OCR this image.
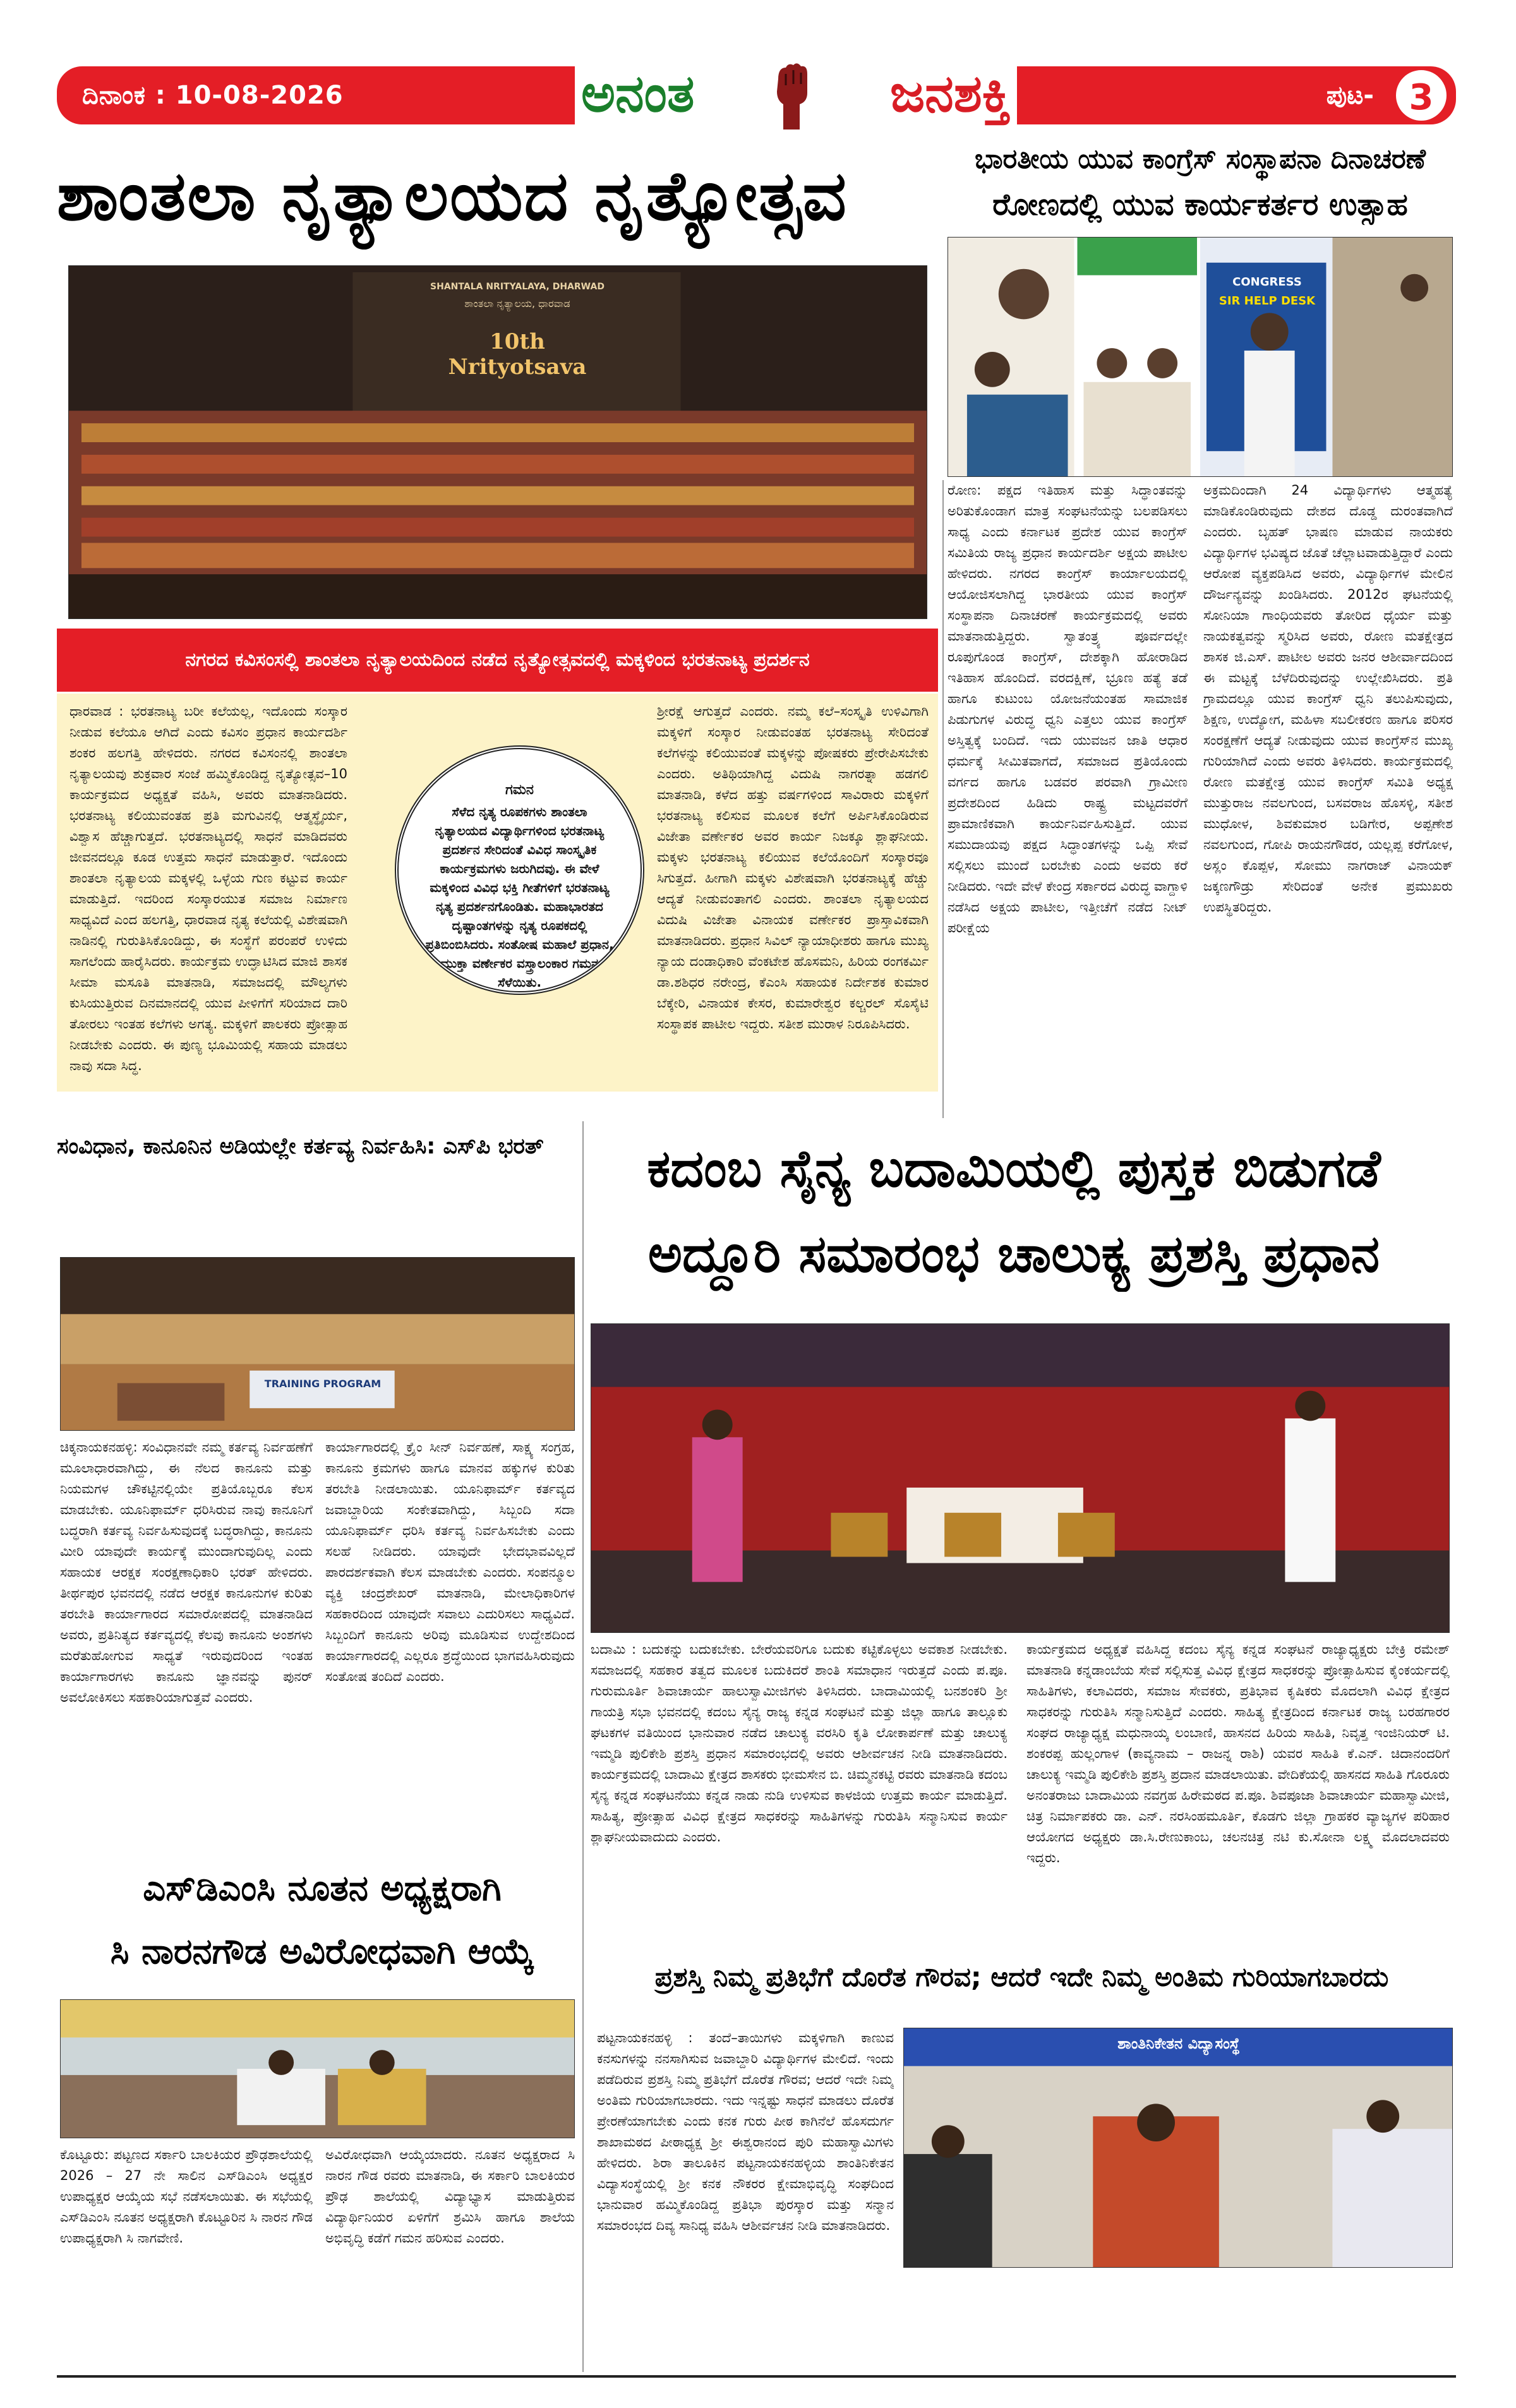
ದಿನಾಂಕ : 10-08-2026	ಪುಟ- 3
ಅನಂತ	ಜನಶಕ್ತಿ
ಶಾಂತಲಾ ನೃತ್ಯಾಲಯದ ನೃತ್ಯೋತ್ಸವ
SHANTALA NRITYALAYA, DHARWAD
ಶಾಂತಲಾ ನೃತ್ಯಾಲಯ, ಧಾರವಾಡ
10th Nrityotsava
ನಗರದ ಕವಿಸಂಸಲ್ಲಿ ಶಾಂತಲಾ ನೃತ್ಯಾಲಯದಿಂದ ನಡೆದ ನೃತ್ಯೋತ್ಸವದಲ್ಲಿ ಮಕ್ಕಳಿಂದ ಭರತನಾಟ್ಯ ಪ್ರದರ್ಶನ
ಧಾರವಾಡ : ಭರತನಾಟ್ಯ ಬರೀ ಕಲೆಯಲ್ಲ, ಇದೊಂದು ಸಂಸ್ಕಾರ ನೀಡುವ ಕಲೆಯೂ ಆಗಿದೆ ಎಂದು ಕವಿಸಂ ಪ್ರಧಾನ ಕಾರ್ಯದರ್ಶಿ ಶಂಕರ ಹಲಗತ್ತಿ ಹೇಳಿದರು. ನಗರದ ಕವಿಸಂನಲ್ಲಿ ಶಾಂತಲಾ ನೃತ್ಯಾಲಯವು ಶುಕ್ರವಾರ ಸಂಜೆ ಹಮ್ಮಿಕೊಂಡಿದ್ದ ನೃತ್ಯೋತ್ಸವ–10 ಕಾರ್ಯಕ್ರಮದ ಅಧ್ಯಕ್ಷತೆ ವಹಿಸಿ, ಅವರು ಮಾತನಾಡಿದರು. ಭರತನಾಟ್ಯ ಕಲಿಯುವಂತಹ ಪ್ರತಿ ಮಗುವಿನಲ್ಲಿ ಆತ್ಮಸ್ಥೈರ್ಯ, ವಿಶ್ವಾಸ ಹೆಚ್ಚಾಗುತ್ತದೆ. ಭರತನಾಟ್ಯದಲ್ಲಿ ಸಾಧನೆ ಮಾಡಿದವರು ಜೀವನದಲ್ಲೂ ಕೂಡ ಉತ್ತಮ ಸಾಧನೆ ಮಾಡುತ್ತಾರೆ. ಇದೊಂದು ಶಾಂತಲಾ ನೃತ್ಯಾಲಯ ಮಕ್ಕಳಲ್ಲಿ ಒಳ್ಳೆಯ ಗುಣ ಕಟ್ಟುವ ಕಾರ್ಯ ಮಾಡುತ್ತಿದೆ. ಇದರಿಂದ ಸಂಸ್ಕಾರಯುತ ಸಮಾಜ ನಿರ್ಮಾಣ ಸಾಧ್ಯವಿದೆ ಎಂದ ಹಲಗತ್ತಿ, ಧಾರವಾಡ ನೃತ್ಯ ಕಲೆಯಲ್ಲಿ ವಿಶೇಷವಾಗಿ ನಾಡಿನಲ್ಲಿ ಗುರುತಿಸಿಕೊಂಡಿದ್ದು, ಈ ಸಂಸ್ಥೆಗೆ ಪರಂಪರೆ ಉಳಿದು ಸಾಗಲೆಂದು ಹಾರೈಸಿದರು. ಕಾರ್ಯಕ್ರಮ ಉದ್ಘಾಟಿಸಿದ ಮಾಜಿ ಶಾಸಕ ಸೀಮಾ ಮಸೂತಿ ಮಾತನಾಡಿ, ಸಮಾಜದಲ್ಲಿ ಮೌಲ್ಯಗಳು ಕುಸಿಯುತ್ತಿರುವ ದಿನಮಾನದಲ್ಲಿ ಯುವ ಪೀಳಿಗೆಗೆ ಸರಿಯಾದ ದಾರಿ ತೋರಲು ಇಂತಹ ಕಲೆಗಳು ಅಗತ್ಯ. ಮಕ್ಕಳಿಗೆ ಪಾಲಕರು ಪ್ರೋತ್ಸಾಹ ನೀಡಬೇಕು ಎಂದರು. ಈ ಪುಣ್ಯ ಭೂಮಿಯಲ್ಲಿ ಸಹಾಯ ಮಾಡಲು ನಾವು ಸದಾ ಸಿದ್ಧ.
ಶ್ರೀರಕ್ಷೆ ಆಗುತ್ತದೆ ಎಂದರು. ನಮ್ಮ ಕಲೆ–ಸಂಸ್ಕೃತಿ ಉಳಿವಿಗಾಗಿ ಮಕ್ಕಳಿಗೆ ಸಂಸ್ಕಾರ ನೀಡುವಂತಹ ಭರತನಾಟ್ಯ ಸೇರಿದಂತೆ ಕಲೆಗಳನ್ನು ಕಲಿಯುವಂತೆ ಮಕ್ಕಳನ್ನು ಪೋಷಕರು ಪ್ರೇರೇಪಿಸಬೇಕು ಎಂದರು. ಅತಿಥಿಯಾಗಿದ್ದ ವಿದುಷಿ ನಾಗರತ್ನಾ ಹಡಗಲಿ ಮಾತನಾಡಿ, ಕಳೆದ ಹತ್ತು ವರ್ಷಗಳಿಂದ ಸಾವಿರಾರು ಮಕ್ಕಳಿಗೆ ಭರತನಾಟ್ಯ ಕಲಿಸುವ ಮೂಲಕ ಕಲೆಗೆ ಅರ್ಪಿಸಿಕೊಂಡಿರುವ ವಿಜೇತಾ ವರ್ಣೇಕರ ಅವರ ಕಾರ್ಯ ನಿಜಕ್ಕೂ ಶ್ಲಾಘನೀಯ. ಮಕ್ಕಳು ಭರತನಾಟ್ಯ ಕಲಿಯುವ ಕಲೆಯೊಂದಿಗೆ ಸಂಸ್ಕಾರವೂ ಸಿಗುತ್ತದೆ. ಹೀಗಾಗಿ ಮಕ್ಕಳು ವಿಶೇಷವಾಗಿ ಭರತನಾಟ್ಯಕ್ಕೆ ಹೆಚ್ಚು ಆದ್ಯತೆ ನೀಡುವಂತಾಗಲಿ ಎಂದರು. ಶಾಂತಲಾ ನೃತ್ಯಾಲಯದ ವಿದುಷಿ ವಿಜೇತಾ ವಿನಾಯಕ ವರ್ಣೇಕರ ಪ್ರಾಸ್ತಾವಿಕವಾಗಿ ಮಾತನಾಡಿದರು. ಪ್ರಧಾನ ಸಿವಿಲ್ ನ್ಯಾಯಾಧೀಶರು ಹಾಗೂ ಮುಖ್ಯ ನ್ಯಾಯ ದಂಡಾಧಿಕಾರಿ ವೆಂಕಟೇಶ ಹೊಸಮನಿ, ಹಿರಿಯ ರಂಗಕರ್ಮಿ ಡಾ.ಶಶಿಧರ ನರೇಂದ್ರ, ಕೆಎಂಸಿ ಸಹಾಯಕ ನಿರ್ದೇಶಕ ಕುಮಾರ ಬೆಕ್ಕೇರಿ, ವಿನಾಯಕ ಕೇಸರ, ಕುಮಾರೇಶ್ವರ ಕಲ್ಚರಲ್ ಸೊಸೈಟಿ ಸಂಸ್ಥಾಪಕ ಪಾಟೀಲ ಇದ್ದರು. ಸತೀಶ ಮುರಾಳ ನಿರೂಪಿಸಿದರು.
ಗಮನ
ಸೆಳೆದ ನೃತ್ಯ ರೂಪಕಗಳು ಶಾಂತಲಾ ನೃತ್ಯಾಲಯದ ವಿದ್ಯಾರ್ಥಿಗಳಿಂದ ಭರತನಾಟ್ಯ ಪ್ರದರ್ಶನ ಸೇರಿದಂತೆ ವಿವಿಧ ಸಾಂಸ್ಕೃತಿಕ ಕಾರ್ಯಕ್ರಮಗಳು ಜರುಗಿದವು. ಈ ವೇಳೆ ಮಕ್ಕಳಿಂದ ವಿವಿಧ ಭಕ್ತಿ ಗೀತೆಗಳಿಗೆ ಭರತನಾಟ್ಯ ನೃತ್ಯ ಪ್ರದರ್ಶನಗೊಂಡಿತು. ಮಹಾಭಾರತದ ದೃಷ್ಟಾಂತಗಳನ್ನು ನೃತ್ಯ ರೂಪಕದಲ್ಲಿ ಪ್ರತಿಬಿಂಬಿಸಿದರು. ಸಂತೋಷ ಮಹಾಲೆ ಪ್ರಧಾನ, ಮುಕ್ತಾ ವರ್ಣೇಕರ ವಸ್ತ್ರಾಲಂಕಾರ ಗಮನ ಸೆಳೆಯಿತು.
ಭಾರತೀಯ ಯುವ ಕಾಂಗ್ರೆಸ್ ಸಂಸ್ಥಾಪನಾ ದಿನಾಚರಣೆ
ರೋಣದಲ್ಲಿ ಯುವ ಕಾರ್ಯಕರ್ತರ ಉತ್ಸಾಹ
CONGRESS
SIR HELP DESK
ರೋಣ: ಪಕ್ಷದ ಇತಿಹಾಸ ಮತ್ತು ಸಿದ್ಧಾಂತವನ್ನು ಅರಿತುಕೊಂಡಾಗ ಮಾತ್ರ ಸಂಘಟನೆಯನ್ನು ಬಲಪಡಿಸಲು ಸಾಧ್ಯ ಎಂದು ಕರ್ನಾಟಕ ಪ್ರದೇಶ ಯುವ ಕಾಂಗ್ರೆಸ್ ಸಮಿತಿಯ ರಾಜ್ಯ ಪ್ರಧಾನ ಕಾರ್ಯದರ್ಶಿ ಅಕ್ಷಯ ಪಾಟೀಲ ಹೇಳಿದರು. ನಗರದ ಕಾಂಗ್ರೆಸ್ ಕಾರ್ಯಾಲಯದಲ್ಲಿ ಆಯೋಜಿಸಲಾಗಿದ್ದ ಭಾರತೀಯ ಯುವ ಕಾಂಗ್ರೆಸ್ ಸಂಸ್ಥಾಪನಾ ದಿನಾಚರಣೆ ಕಾರ್ಯಕ್ರಮದಲ್ಲಿ ಅವರು ಮಾತನಾಡುತ್ತಿದ್ದರು. ಸ್ವಾತಂತ್ರ್ಯ ಪೂರ್ವದಲ್ಲೇ ರೂಪುಗೊಂಡ ಕಾಂಗ್ರೆಸ್, ದೇಶಕ್ಕಾಗಿ ಹೋರಾಡಿದ ಇತಿಹಾಸ ಹೊಂದಿದೆ. ವರದಕ್ಷಿಣೆ, ಭ್ರೂಣ ಹತ್ಯೆ ತಡೆ ಹಾಗೂ ಕುಟುಂಬ ಯೋಜನೆಯಂತಹ ಸಾಮಾಜಿಕ ಪಿಡುಗುಗಳ ವಿರುದ್ಧ ಧ್ವನಿ ಎತ್ತಲು ಯುವ ಕಾಂಗ್ರೆಸ್ ಅಸ್ತಿತ್ವಕ್ಕೆ ಬಂದಿದೆ. ಇದು ಯುವಜನ ಜಾತಿ ಆಧಾರ ಧರ್ಮಕ್ಕೆ ಸೀಮಿತವಾಗದೆ, ಸಮಾಜದ ಪ್ರತಿಯೊಂದು ವರ್ಗದ ಹಾಗೂ ಬಡವರ ಪರವಾಗಿ ಗ್ರಾಮೀಣ ಪ್ರದೇಶದಿಂದ ಹಿಡಿದು ರಾಷ್ಟ್ರ ಮಟ್ಟದವರೆಗೆ ಪ್ರಾಮಾಣಿಕವಾಗಿ ಕಾರ್ಯನಿರ್ವಹಿಸುತ್ತಿದೆ. ಯುವ ಸಮುದಾಯವು ಪಕ್ಷದ ಸಿದ್ಧಾಂತಗಳನ್ನು ಒಪ್ಪಿ ಸೇವೆ ಸಲ್ಲಿಸಲು ಮುಂದೆ ಬರಬೇಕು ಎಂದು ಅವರು ಕರೆ ನೀಡಿದರು. ಇದೇ ವೇಳೆ ಕೇಂದ್ರ ಸರ್ಕಾರದ ವಿರುದ್ಧ ವಾಗ್ದಾಳಿ ನಡೆಸಿದ ಅಕ್ಷಯ ಪಾಟೀಲ, ಇತ್ತೀಚೆಗೆ ನಡೆದ ನೀಟ್ ಪರೀಕ್ಷೆಯ
ಅಕ್ರಮದಿಂದಾಗಿ 24 ವಿದ್ಯಾರ್ಥಿಗಳು ಆತ್ಮಹತ್ಯೆ ಮಾಡಿಕೊಂಡಿರುವುದು ದೇಶದ ದೊಡ್ಡ ದುರಂತವಾಗಿದೆ ಎಂದರು. ಬೃಹತ್ ಭಾಷಣ ಮಾಡುವ ನಾಯಕರು ವಿದ್ಯಾರ್ಥಿಗಳ ಭವಿಷ್ಯದ ಜೊತೆ ಚೆಲ್ಲಾಟವಾಡುತ್ತಿದ್ದಾರೆ ಎಂದು ಆರೋಪ ವ್ಯಕ್ತಪಡಿಸಿದ ಅವರು, ವಿದ್ಯಾರ್ಥಿಗಳ ಮೇಲಿನ ದೌರ್ಜನ್ಯವನ್ನು ಖಂಡಿಸಿದರು. 2012ರ ಘಟನೆಯಲ್ಲಿ ಸೋನಿಯಾ ಗಾಂಧಿಯವರು ತೋರಿದ ಧೈರ್ಯ ಮತ್ತು ನಾಯಕತ್ವವನ್ನು ಸ್ಮರಿಸಿದ ಅವರು, ರೋಣ ಮತಕ್ಷೇತ್ರದ ಶಾಸಕ ಜಿ.ಎಸ್. ಪಾಟೀಲ ಅವರು ಜನರ ಆಶೀರ್ವಾದದಿಂದ ಈ ಮಟ್ಟಕ್ಕೆ ಬೆಳೆದಿರುವುದನ್ನು ಉಲ್ಲೇಖಿಸಿದರು. ಪ್ರತಿ ಗ್ರಾಮದಲ್ಲೂ ಯುವ ಕಾಂಗ್ರೆಸ್ ಧ್ವನಿ ತಲುಪಿಸುವುದು, ಶಿಕ್ಷಣ, ಉದ್ಯೋಗ, ಮಹಿಳಾ ಸಬಲೀಕರಣ ಹಾಗೂ ಪರಿಸರ ಸಂರಕ್ಷಣೆಗೆ ಆದ್ಯತೆ ನೀಡುವುದು ಯುವ ಕಾಂಗ್ರೆಸ್‌ನ ಮುಖ್ಯ ಗುರಿಯಾಗಿದೆ ಎಂದು ಅವರು ತಿಳಿಸಿದರು. ಕಾರ್ಯಕ್ರಮದಲ್ಲಿ ರೋಣ ಮತಕ್ಷೇತ್ರ ಯುವ ಕಾಂಗ್ರೆಸ್ ಸಮಿತಿ ಅಧ್ಯಕ್ಷ ಮುತ್ತುರಾಜ ನವಲಗುಂದ, ಬಸವರಾಜ ಹೊಸಳ್ಳಿ, ಸತೀಶ ಮುಧೋಳ, ಶಿವಕುಮಾರ ಬಡಿಗೇರ, ಅಪ್ಪಣೇಶ ನವಲಗುಂದ, ಗೋಪಿ ರಾಯನಗೌಡರ, ಯಲ್ಲಪ್ಪ ಕರೆಗೋಳ, ಅಸ್ಲಂ ಕೊಪ್ಪಳ, ಸೋಮು ನಾಗರಾಜ್ ವಿನಾಯಕ್ ಜಕ್ಕಣಗೌಡ್ರು ಸೇರಿದಂತೆ ಅನೇಕ ಪ್ರಮುಖರು ಉಪಸ್ಥಿತರಿದ್ದರು.
ಸಂವಿಧಾನ, ಕಾನೂನಿನ ಅಡಿಯಲ್ಲೇ ಕರ್ತವ್ಯ ನಿರ್ವಹಿಸಿ: ಎಸ್‌ಪಿ ಭರತ್
TRAINING PROGRAM
ಚಿಕ್ಕನಾಯಕನಹಳ್ಳಿ: ಸಂವಿಧಾನವೇ ನಮ್ಮ ಕರ್ತವ್ಯ ನಿರ್ವಹಣೆಗೆ ಮೂಲಾಧಾರವಾಗಿದ್ದು, ಈ ನೆಲದ ಕಾನೂನು ಮತ್ತು ನಿಯಮಗಳ ಚೌಕಟ್ಟಿನಲ್ಲಿಯೇ ಪ್ರತಿಯೊಬ್ಬರೂ ಕೆಲಸ ಮಾಡಬೇಕು. ಯೂನಿಫಾರ್ಮ್ ಧರಿಸಿರುವ ನಾವು ಕಾನೂನಿಗೆ ಬದ್ಧರಾಗಿ ಕರ್ತವ್ಯ ನಿರ್ವಹಿಸುವುದಕ್ಕೆ ಬದ್ಧರಾಗಿದ್ದು, ಕಾನೂನು ಮೀರಿ ಯಾವುದೇ ಕಾರ್ಯಕ್ಕೆ ಮುಂದಾಗುವುದಿಲ್ಲ ಎಂದು ಸಹಾಯಕ ಆರಕ್ಷಕ ಸಂರಕ್ಷಣಾಧಿಕಾರಿ ಭರತ್ ಹೇಳಿದರು. ತೀರ್ಥಪುರ ಭವನದಲ್ಲಿ ನಡೆದ ಆರಕ್ಷಕ ಕಾನೂನುಗಳ ಕುರಿತು ತರಬೇತಿ ಕಾರ್ಯಾಗಾರದ ಸಮಾರೋಪದಲ್ಲಿ ಮಾತನಾಡಿದ ಅವರು, ಪ್ರತಿನಿತ್ಯದ ಕರ್ತವ್ಯದಲ್ಲಿ ಕೆಲವು ಕಾನೂನು ಅಂಶಗಳು ಮರೆತುಹೋಗುವ ಸಾಧ್ಯತೆ ಇರುವುದರಿಂದ ಇಂತಹ ಕಾರ್ಯಾಗಾರಗಳು ಕಾನೂನು ಜ್ಞಾನವನ್ನು ಪುನರ್ ಅವಲೋಕಿಸಲು ಸಹಕಾರಿಯಾಗುತ್ತವೆ ಎಂದರು.
ಕಾರ್ಯಾಗಾರದಲ್ಲಿ ಕ್ರೈಂ ಸೀನ್ ನಿರ್ವಹಣೆ, ಸಾಕ್ಷ್ಯ ಸಂಗ್ರಹ, ಕಾನೂನು ಕ್ರಮಗಳು ಹಾಗೂ ಮಾನವ ಹಕ್ಕುಗಳ ಕುರಿತು ತರಬೇತಿ ನೀಡಲಾಯಿತು. ಯೂನಿಫಾರ್ಮ್ ಕರ್ತವ್ಯದ ಜವಾಬ್ದಾರಿಯ ಸಂಕೇತವಾಗಿದ್ದು, ಸಿಬ್ಬಂದಿ ಸದಾ ಯೂನಿಫಾರ್ಮ್ ಧರಿಸಿ ಕರ್ತವ್ಯ ನಿರ್ವಹಿಸಬೇಕು ಎಂದು ಸಲಹೆ ನೀಡಿದರು. ಯಾವುದೇ ಭೇದಭಾವವಿಲ್ಲದೆ ಪಾರದರ್ಶಕವಾಗಿ ಕೆಲಸ ಮಾಡಬೇಕು ಎಂದರು. ಸಂಪನ್ಮೂಲ ವ್ಯಕ್ತಿ ಚಂದ್ರಶೇಖರ್ ಮಾತನಾಡಿ, ಮೇಲಾಧಿಕಾರಿಗಳ ಸಹಕಾರದಿಂದ ಯಾವುದೇ ಸವಾಲು ಎದುರಿಸಲು ಸಾಧ್ಯವಿದೆ. ಸಿಬ್ಬಂದಿಗೆ ಕಾನೂನು ಅರಿವು ಮೂಡಿಸುವ ಉದ್ದೇಶದಿಂದ ಕಾರ್ಯಾಗಾರದಲ್ಲಿ ಎಲ್ಲರೂ ಶ್ರದ್ಧೆಯಿಂದ ಭಾಗವಹಿಸಿರುವುದು ಸಂತೋಷ ತಂದಿದೆ ಎಂದರು.
ಕದಂಬ ಸೈನ್ಯ ಬದಾಮಿಯಲ್ಲಿ ಪುಸ್ತಕ ಬಿಡುಗಡೆ
ಅದ್ದೂರಿ ಸಮಾರಂಭ ಚಾಲುಕ್ಯ ಪ್ರಶಸ್ತಿ ಪ್ರಧಾನ
ಬದಾಮಿ : ಬದುಕನ್ನು ಬದುಕಬೇಕು. ಬೇರೆಯವರಿಗೂ ಬದುಕು ಕಟ್ಟಿಕೊಳ್ಳಲು ಅವಕಾಶ ನೀಡಬೇಕು. ಸಮಾಜದಲ್ಲಿ ಸಹಕಾರ ತತ್ವದ ಮೂಲಕ ಬದುಕಿದರೆ ಶಾಂತಿ ಸಮಾಧಾನ ಇರುತ್ತದೆ ಎಂದು ಪ.ಪೂ. ಗುರುಮೂರ್ತಿ ಶಿವಾಚಾರ್ಯ ಹಾಲುಸ್ವಾಮೀಜಿಗಳು ತಿಳಿಸಿದರು. ಬಾದಾಮಿಯಲ್ಲಿ ಬನಶಂಕರಿ ಶ್ರೀ ಗಾಯತ್ರಿ ಸಭಾ ಭವನದಲ್ಲಿ ಕದಂಬ ಸೈನ್ಯ ರಾಜ್ಯ ಕನ್ನಡ ಸಂಘಟನೆ ಮತ್ತು ಜಿಲ್ಲಾ ಹಾಗೂ ತಾಲ್ಲೂಕು ಘಟಕಗಳ ವತಿಯಿಂದ ಭಾನುವಾರ ನಡೆದ ಚಾಲುಕ್ಯ ವರಸಿರಿ ಕೃತಿ ಲೋಕಾರ್ಪಣೆ ಮತ್ತು ಚಾಲುಕ್ಯ ಇಮ್ಮಡಿ ಪುಲಿಕೇಶಿ ಪ್ರಶಸ್ತಿ ಪ್ರಧಾನ ಸಮಾರಂಭದಲ್ಲಿ ಅವರು ಆಶೀರ್ವಚನ ನೀಡಿ ಮಾತನಾಡಿದರು. ಕಾರ್ಯಕ್ರಮದಲ್ಲಿ ಬಾದಾಮಿ ಕ್ಷೇತ್ರದ ಶಾಸಕರು ಭೀಮಸೇನ ಬಿ. ಚಿಮ್ಮನಕಟ್ಟಿ ರವರು ಮಾತನಾಡಿ ಕದಂಬ ಸೈನ್ಯ ಕನ್ನಡ ಸಂಘಟನೆಯು ಕನ್ನಡ ನಾಡು ನುಡಿ ಉಳಿಸುವ ಕಾಳಜಿಯ ಉತ್ತಮ ಕಾರ್ಯ ಮಾಡುತ್ತಿದೆ. ಸಾಹಿತ್ಯ, ಪ್ರೋತ್ಸಾಹ ವಿವಿಧ ಕ್ಷೇತ್ರದ ಸಾಧಕರನ್ನು ಸಾಹಿತಿಗಳನ್ನು ಗುರುತಿಸಿ ಸನ್ಮಾನಿಸುವ ಕಾರ್ಯ ಶ್ಲಾಘನೀಯವಾದುದು ಎಂದರು.
ಕಾರ್ಯಕ್ರಮದ ಅಧ್ಯಕ್ಷತೆ ವಹಿಸಿದ್ದ ಕದಂಬ ಸೈನ್ಯ ಕನ್ನಡ ಸಂಘಟನೆ ರಾಜ್ಯಾಧ್ಯಕ್ಷರು ಬೇಕ್ರಿ ರಮೇಶ್ ಮಾತನಾಡಿ ಕನ್ನಡಾಂಬೆಯ ಸೇವೆ ಸಲ್ಲಿಸುತ್ತ ವಿವಿಧ ಕ್ಷೇತ್ರದ ಸಾಧಕರನ್ನು ಪ್ರೋತ್ಸಾಹಿಸುವ ಕೈಂಕರ್ಯದಲ್ಲಿ ಸಾಹಿತಿಗಳು, ಕಲಾವಿದರು, ಸಮಾಜ ಸೇವಕರು, ಪ್ರತಿಭಾವ ಕೃಷಿಕರು ಮೊದಲಾಗಿ ವಿವಿಧ ಕ್ಷೇತ್ರದ ಸಾಧಕರನ್ನು ಗುರುತಿಸಿ ಸನ್ಮಾನಿಸುತ್ತಿದೆ ಎಂದರು. ಸಾಹಿತ್ಯ ಕ್ಷೇತ್ರದಿಂದ ಕರ್ನಾಟಕ ರಾಜ್ಯ ಬರಹಗಾರರ ಸಂಘದ ರಾಜ್ಯಾಧ್ಯಕ್ಷ ಮಧುನಾಯ್ಕ ಲಂಬಾಣಿ, ಹಾಸನದ ಹಿರಿಯ ಸಾಹಿತಿ, ನಿವೃತ್ತ ಇಂಜಿನಿಯರ್ ಟಿ. ಶಂಕರಪ್ಪ ಹುಲ್ಲಂಗಾಳ (ಕಾವ್ಯನಾಮ – ರಾಜನ್ನ ರಾಶಿ) ಯವರ ಸಾಹಿತಿ ಕೆ.ಎನ್. ಚಿದಾನಂದರಿಗೆ ಚಾಲುಕ್ಯ ಇಮ್ಮಡಿ ಪುಲಿಕೇಶಿ ಪ್ರಶಸ್ತಿ ಪ್ರದಾನ ಮಾಡಲಾಯಿತು. ವೇದಿಕೆಯಲ್ಲಿ ಹಾಸನದ ಸಾಹಿತಿ ಗೊರೂರು ಅನಂತರಾಜು ಬಾದಾಮಿಯ ನವಗ್ರಹ ಹಿರೇಮಠದ ಪ.ಪೂ. ಶಿವಪೂಜಾ ಶಿವಾಚಾರ್ಯ ಮಹಾಸ್ವಾಮೀಜಿ, ಚಿತ್ರ ನಿರ್ಮಾಪಕರು ಡಾ. ಎನ್. ನರಸಿಂಹಮೂರ್ತಿ, ಕೊಡಗು ಜಿಲ್ಲಾ ಗ್ರಾಹಕರ ವ್ಯಾಜ್ಯಗಳ ಪರಿಹಾರ ಆಯೋಗದ ಅಧ್ಯಕ್ಷರು ಡಾ.ಸಿ.ರೇಣುಕಾಂಬ, ಚಲನಚಿತ್ರ ನಟಿ ಕು.ಸೋನಾ ಲಕ್ಷ್ಮ ಮೊದಲಾದವರು ಇದ್ದರು.
ಎಸ್‌ಡಿಎಂಸಿ ನೂತನ ಅಧ್ಯಕ್ಷರಾಗಿ
ಸಿ ನಾರನಗೌಡ ಅವಿರೋಧವಾಗಿ ಆಯ್ಕೆ
ಕೊಟ್ಟೂರು: ಪಟ್ಟಣದ ಸರ್ಕಾರಿ ಬಾಲಕಿಯರ ಪ್ರೌಢಶಾಲೆಯಲ್ಲಿ 2026 – 27 ನೇ ಸಾಲಿನ ಎಸ್‌ಡಿಎಂಸಿ ಅಧ್ಯಕ್ಷರ ಉಪಾಧ್ಯಕ್ಷರ ಆಯ್ಕೆಯ ಸಭೆ ನಡೆಸಲಾಯಿತು. ಈ ಸಭೆಯಲ್ಲಿ ಎಸ್‌ಡಿಎಂಸಿ ನೂತನ ಅಧ್ಯಕ್ಷರಾಗಿ ಕೊಟ್ಟೂರಿನ ಸಿ ನಾರನ ಗೌಡ ಉಪಾಧ್ಯಕ್ಷರಾಗಿ ಸಿ ನಾಗವೇಣಿ.
ಅವಿರೋಧವಾಗಿ ಆಯ್ಕೆಯಾದರು. ನೂತನ ಅಧ್ಯಕ್ಷರಾದ ಸಿ ನಾರನ ಗೌಡ ರವರು ಮಾತನಾಡಿ, ಈ ಸರ್ಕಾರಿ ಬಾಲಕಿಯರ ಪ್ರೌಢ ಶಾಲೆಯಲ್ಲಿ ವಿದ್ಯಾಭ್ಯಾಸ ಮಾಡುತ್ತಿರುವ ವಿದ್ಯಾರ್ಥಿನಿಯರ ಏಳಿಗೆಗೆ ಶ್ರಮಿಸಿ ಹಾಗೂ ಶಾಲೆಯ ಅಭಿವೃದ್ಧಿ ಕಡೆಗೆ ಗಮನ ಹರಿಸುವ ಎಂದರು.
ಪ್ರಶಸ್ತಿ ನಿಮ್ಮ ಪ್ರತಿಭೆಗೆ ದೊರೆತ ಗೌರವ; ಆದರೆ ಇದೇ ನಿಮ್ಮ ಅಂತಿಮ ಗುರಿಯಾಗಬಾರದು
ಪಟ್ಟನಾಯಕನಹಳ್ಳಿ : ತಂದೆ–ತಾಯಿಗಳು ಮಕ್ಕಳಿಗಾಗಿ ಕಾಣುವ ಕನಸುಗಳನ್ನು ನನಸಾಗಿಸುವ ಜವಾಬ್ದಾರಿ ವಿದ್ಯಾರ್ಥಿಗಳ ಮೇಲಿದೆ. ಇಂದು ಪಡೆದಿರುವ ಪ್ರಶಸ್ತಿ ನಿಮ್ಮ ಪ್ರತಿಭೆಗೆ ದೊರೆತ ಗೌರವ; ಆದರೆ ಇದೇ ನಿಮ್ಮ ಅಂತಿಮ ಗುರಿಯಾಗಬಾರದು. ಇದು ಇನ್ನಷ್ಟು ಸಾಧನೆ ಮಾಡಲು ದೊರೆತ ಪ್ರೇರಣೆಯಾಗಬೇಕು ಎಂದು ಕನಕ ಗುರು ಪೀಠ ಕಾಗಿನೆಲೆ ಹೊಸದುರ್ಗ ಶಾಖಾಮಠದ ಪೀಠಾಧ್ಯಕ್ಷ ಶ್ರೀ ಈಶ್ವರಾನಂದ ಪುರಿ ಮಹಾಸ್ವಾಮಿಗಳು ಹೇಳಿದರು. ಶಿರಾ ತಾಲೂಕಿನ ಪಟ್ಟನಾಯಕನಹಳ್ಳಿಯ ಶಾಂತಿನಿಕೇತನ ವಿದ್ಯಾಸಂಸ್ಥೆಯಲ್ಲಿ ಶ್ರೀ ಕನಕ ನೌಕರರ ಕ್ಷೇಮಾಭಿವೃದ್ಧಿ ಸಂಘದಿಂದ ಭಾನುವಾರ ಹಮ್ಮಿಕೊಂಡಿದ್ದ ಪ್ರತಿಭಾ ಪುರಸ್ಕಾರ ಮತ್ತು ಸನ್ಮಾನ ಸಮಾರಂಭದ ದಿವ್ಯ ಸಾನಿಧ್ಯ ವಹಿಸಿ ಆಶೀರ್ವಚನ ನೀಡಿ ಮಾತನಾಡಿದರು.
ಶಾಂತಿನಿಕೇತನ ವಿದ್ಯಾಸಂಸ್ಥೆ
